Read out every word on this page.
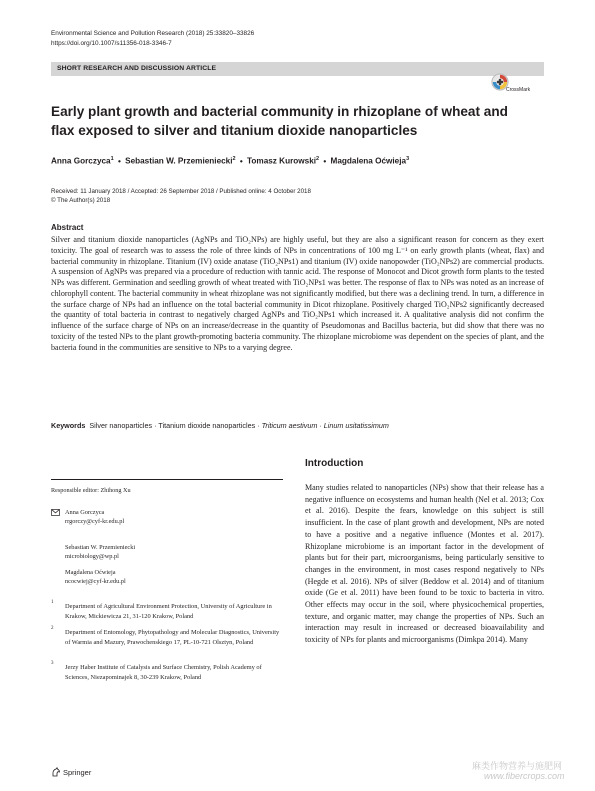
Environmental Science and Pollution Research (2018) 25:33820–33826
https://doi.org/10.1007/s11356-018-3346-7
SHORT RESEARCH AND DISCUSSION ARTICLE
CrossMark
Early plant growth and bacterial community in rhizoplane of wheat and flax exposed to silver and titanium dioxide nanoparticles
Anna Gorczyca$^1$ • Sebastian W. Przemieniecki$^2$ • Tomasz Kurowski$^2$ • Magdalena Oćwieja$^3$
Received: 11 January 2018 / Accepted: 26 September 2018 / Published online: 4 October 2018
© The Author(s) 2018
Abstract

Silver and titanium dioxide nanoparticles (AgNPs and TiO₂NPs) are highly useful, but they are also a significant reason for concern as they exert toxicity. The goal of research was to assess the role of three kinds of NPs in concentrations of 100 mg L⁻¹ on early growth plants (wheat, flax) and bacterial community in rhizoplane. Titanium (IV) oxide anatase (TiO₂NPs1) and titanium (IV) oxide nanopowder (TiO₂NPs2) are commercial products. A suspension of AgNPs was prepared via a procedure of reduction with tannic acid. The response of Monocot and Dicot growth form plants to the tested NPs was different. Germination and seedling growth of wheat treated with TiO₂NPs1 was better. The response of flax to NPs was noted as an increase of chlorophyll content. The bacterial community in wheat rhizoplane was not significantly modified, but there was a declining trend. In turn, a difference in the surface charge of NPs had an influence on the total bacterial community in Dicot rhizoplane. Positively charged TiO₂NPs2 significantly decreased the quantity of total bacteria in contrast to negatively charged AgNPs and TiO₂NPs1 which increased it. A qualitative analysis did not confirm the influence of the surface charge of NPs on an increase/decrease in the quantity of Pseudomonas and Bacillus bacteria, but did show that there was no toxicity of the tested NPs to the plant growth-promoting bacteria community. The rhizoplane microbiome was dependent on the species of plant, and the bacteria found in the communities are sensitive to NPs to a varying degree.

Keywords Silver nanoparticles · Titanium dioxide nanoparticles · Triticum aestivum · Linum usitatissimum
Introduction
Responsible editor: Zhihong Xu
Anna Gorczyca
rrgorczy@cyf-kr.edu.pl
Sebastian W. Przemieniecki
microbiology@wp.pl
Magdalena Oćwieja
ncocwiej@cyf-kr.edu.pl
1
Department of Agricultural Environment Protection, University of Agriculture in Krakow, Mickiewicza 21, 31-120 Krakow, Poland
2
Department of Entomology, Phytopathology and Molecular Diagnostics, University of Warmia and Mazury, Prawochenskiego 17, PL-10-721 Olsztyn, Poland
3
Jerzy Haber Institute of Catalysis and Surface Chemistry, Polish Academy of Sciences, Niezapominajek 8, 30-239 Krakow, Poland

Many studies related to nanoparticles (NPs) show that their release has a negative influence on ecosystems and human health (Nel et al. 2013; Cox et al. 2016). Despite the fears, knowledge on this subject is still insufficient. In the case of plant growth and development, NPs are noted to have a positive and a negative influence (Montes et al. 2017). Rhizoplane microbiome is an important factor in the development of plants but for their part, microorganisms, being particularly sensitive to changes in the environment, in most cases respond negatively to NPs (Hegde et al. 2016). NPs of silver (Beddow et al. 2014) and of titanium oxide (Ge et al. 2011) have been found to be toxic to bacteria in vitro. Other effects may occur in the soil, where physicochemical properties, texture, and organic matter, may change the properties of NPs. Such an interaction may result in increased or decreased bioavailability and toxicity of NPs for plants and microorganisms (Dimkpa 2014). Many

Springer
麻类作物营养与施肥网
www.fibercrops.com
